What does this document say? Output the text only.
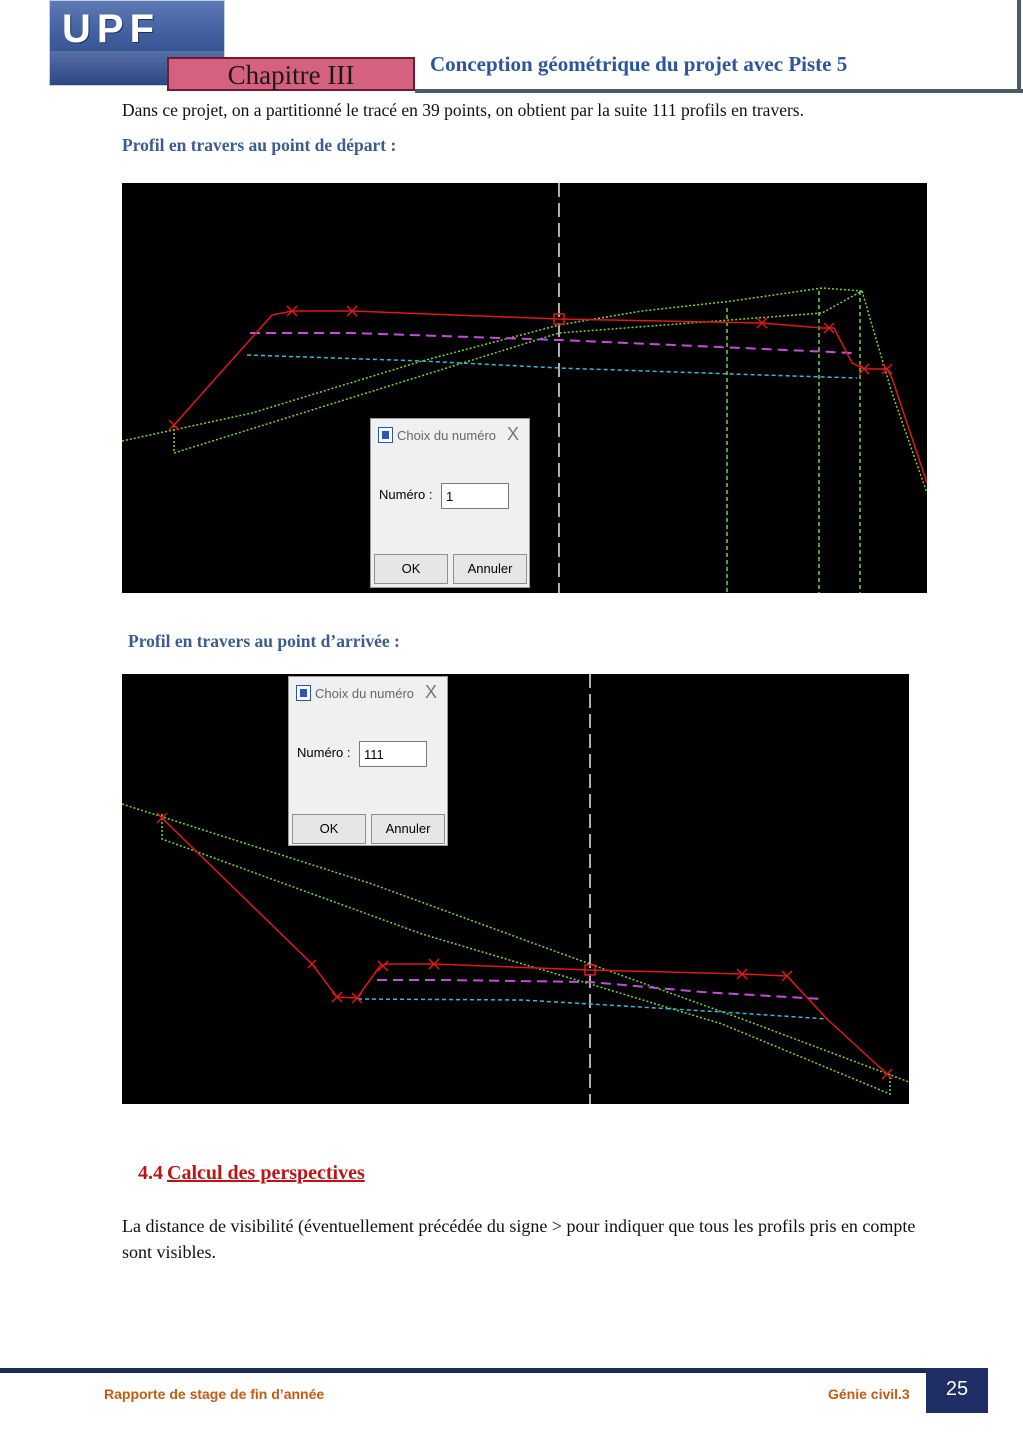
UPF
Chapitre III	Conception géométrique du projet avec Piste 5
Dans ce projet, on a partitionné le tracé en 39 points, on obtient par la suite 111 profils en travers.
Profil en travers au point de départ :
Choix du numéro X
Numéro :
1
OK	Annuler
Profil en travers au point d’arrivée :
Choix du numéro X
Numéro :
111
OK	Annuler
4.4 Calcul des perspectives
La distance de visibilité (éventuellement précédée du signe > pour indiquer que tous les profils pris en compte sont visibles.
Rapporte de stage de fin d’année	Génie civil.3	25
